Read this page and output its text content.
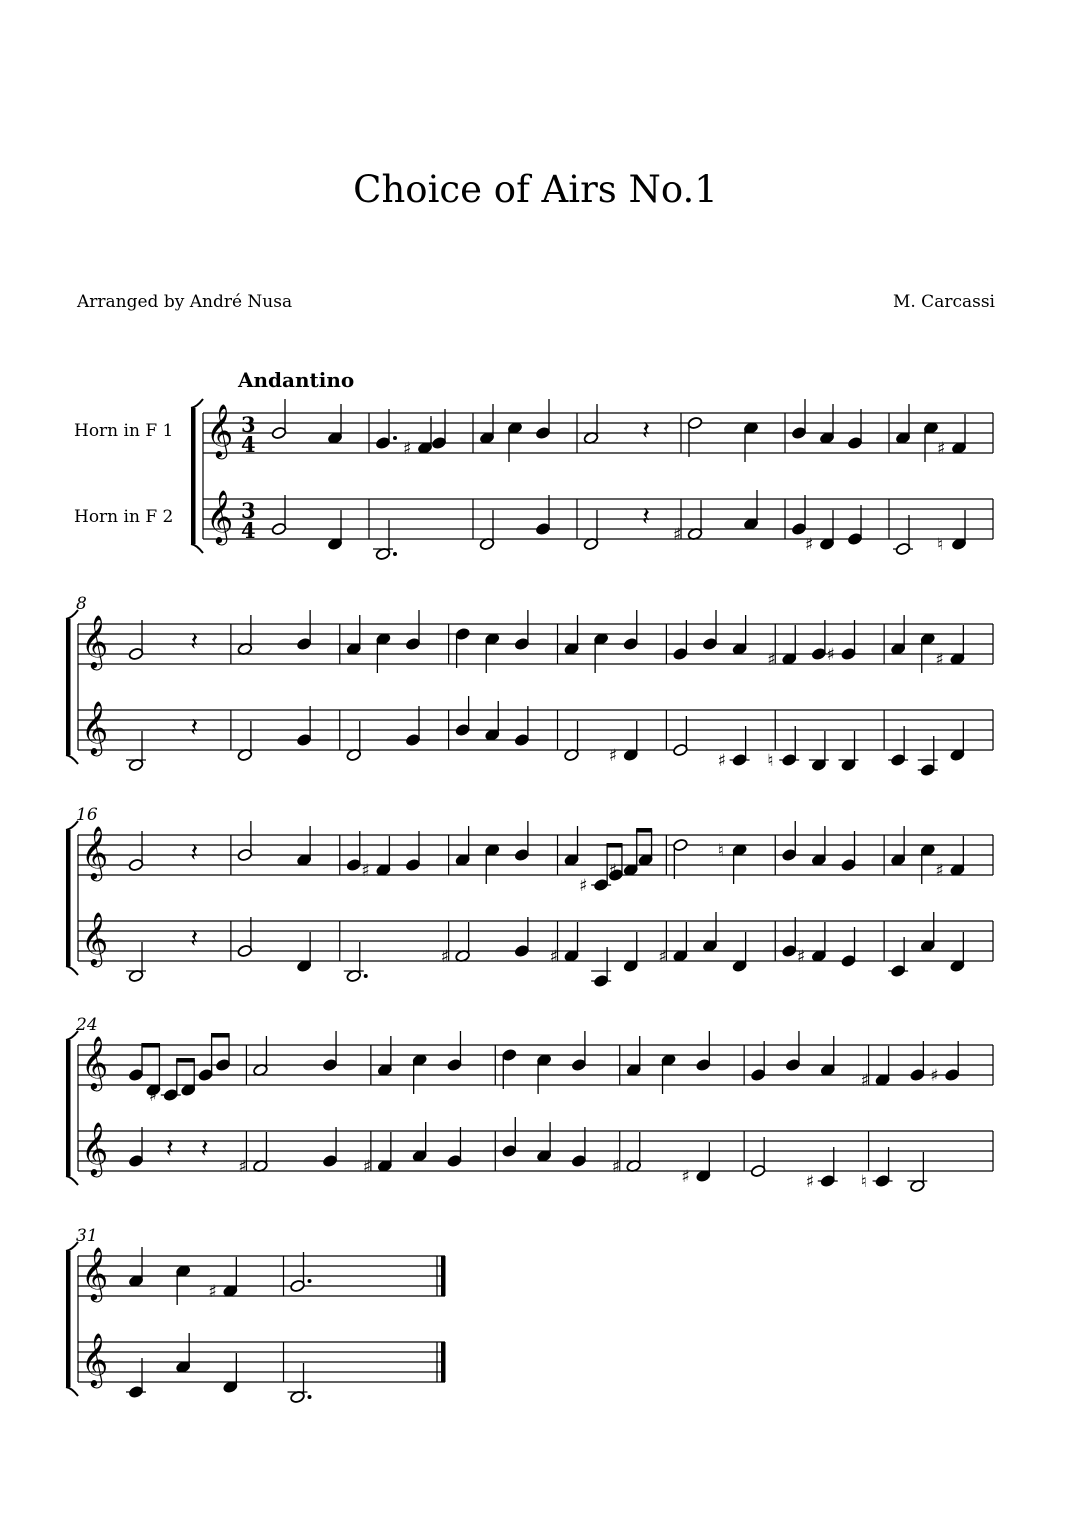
Choice of Airs No.1
Arranged by André Nusa	M. Carcassi
Andantino
Horn in F 1
Horn in F 2
𝄞 3
4
𝄞 3
4
♯
𝄽
𝄽
♯	♯
♯
♮
8
𝄞
𝄞
𝄽
𝄽
♯	♯
♯	♯
♮
♯
16
𝄞
𝄞
𝄽
𝄽
♯
♯
♯
♯
♯
♮
♯	♯
♯
24
𝄞
𝄞
♯
𝄽 𝄽
♯	♯	♯	♯	♯
♯	♯
♮
31
𝄞
𝄞
♯
